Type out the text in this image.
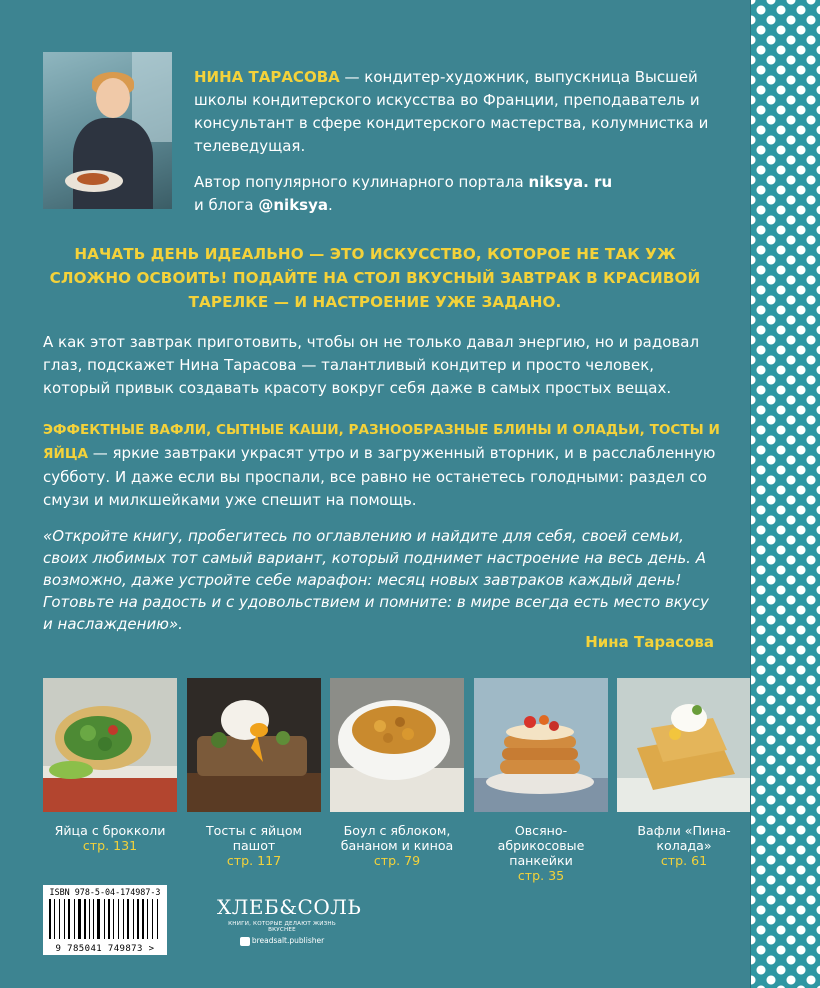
НИНА ТАРАСОВА — кондитер-художник, выпускница Высшей школы кондитерского искусства во Франции, преподаватель и консультант в сфере кондитерского мастерства, колумнистка и телеведущая.

Автор популярного кулинарного портала niksya. ru
и блога @niksya.

НАЧАТЬ ДЕНЬ ИДЕАЛЬНО — ЭТО ИСКУССТВО, КОТОРОЕ НЕ ТАК УЖ СЛОЖНО ОСВОИТЬ! ПОДАЙТЕ НА СТОЛ ВКУСНЫЙ ЗАВТРАК В КРАСИВОЙ ТАРЕЛКЕ — И НАСТРОЕНИЕ УЖЕ ЗАДАНО.

А как этот завтрак приготовить, чтобы он не только давал энергию, но и радовал глаз, подскажет Нина Тарасова — талантливый кондитер и просто человек, который привык создавать красоту вокруг себя даже в самых простых вещах.

ЭФФЕКТНЫЕ ВАФЛИ, СЫТНЫЕ КАШИ, РАЗНООБРАЗНЫЕ БЛИНЫ И ОЛАДЬИ, ТОСТЫ И ЯЙЦА — яркие завтраки украсят утро и в загруженный вторник, и в расслабленную субботу. И даже если вы проспали, все равно не останетесь голодными: раздел со смузи и милкшейками уже спешит на помощь.

«Откройте книгу, пробегитесь по оглавлению и найдите для себя, своей семьи, своих любимых тот самый вариант, который поднимет настроение на весь день. А возможно, даже устройте себе марафон: месяц новых завтраков каждый день! Готовьте на радость и с удовольствием и помните: в мире всегда есть место вкусу и наслаждению».

Нина Тарасова
Яйца с брокколи
стр. 131
Тосты с яйцом пашот
стр. 117
Боул с яблоком, бананом и киноа
стр. 79
Овсяно-абрикосовые панкейки
стр. 35
Вафли «Пина-колада»
стр. 61
ISBN 978-5-04-174987-3
9 785041 749873 >
ХЛЕБ&СОЛЬ
КНИГИ, КОТОРЫЕ ДЕЛАЮТ ЖИЗНЬ ВКУСНЕЕ
breadsalt.publisher
